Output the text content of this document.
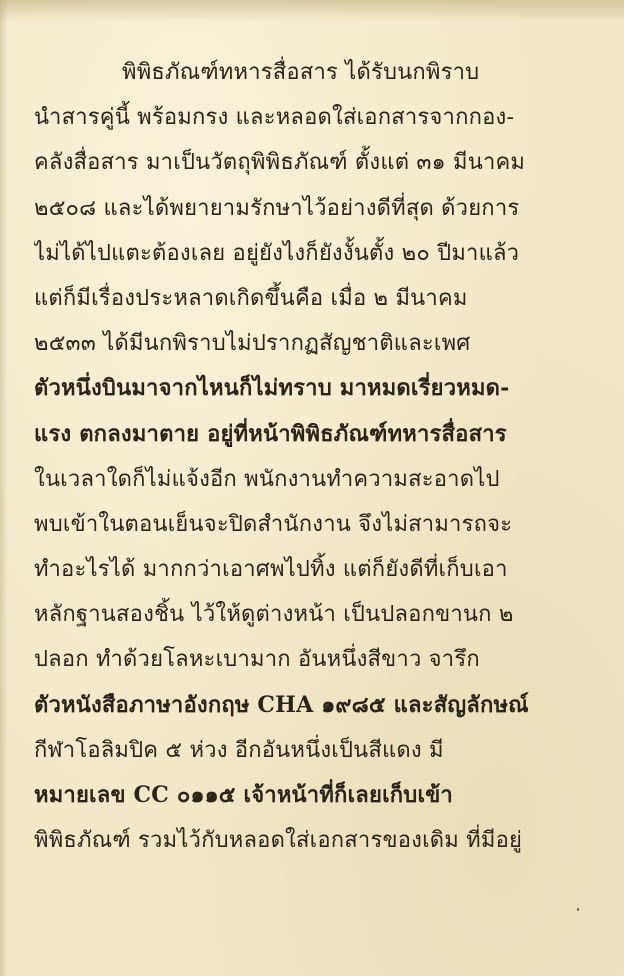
พิพิธภัณฑ์ทหารสื่อสาร ได้รับนกพิราบ
นำสารคู่นี้ พร้อมกรง และหลอดใส่เอกสารจากกอง-
คลังสื่อสาร มาเป็นวัตถุพิพิธภัณฑ์ ตั้งแต่ ๓๑ มีนาคม
๒๕๐๘ และได้พยายามรักษาไว้อย่างดีที่สุด ด้วยการ
ไม่ได้ไปแตะต้องเลย อยู่ยังไงก็ยังงั้นตั้ง ๒๐ ปีมาแล้ว
แต่ก็มีเรื่องประหลาดเกิดขึ้นคือ เมื่อ ๒ มีนาคม
๒๕๓๓ ได้มีนกพิราบไม่ปรากฏสัญชาติและเพศ
ตัวหนึ่งบินมาจากไหนก็ไม่ทราบ มาหมดเรี่ยวหมด-
แรง ตกลงมาตาย อยู่ที่หน้าพิพิธภัณฑ์ทหารสื่อสาร
ในเวลาใดก็ไม่แจ้งอีก พนักงานทำความสะอาดไป
พบเข้าในตอนเย็นจะปิดสำนักงาน จึงไม่สามารถจะ
ทำอะไรได้ มากกว่าเอาศพไปทิ้ง แต่ก็ยังดีที่เก็บเอา
หลักฐานสองชิ้น ไว้ให้ดูต่างหน้า เป็นปลอกขานก ๒
ปลอก ทำด้วยโลหะเบามาก อันหนึ่งสีขาว จารึก
ตัวหนังสือภาษาอังกฤษ CHA ๑๙๘๕ และสัญลักษณ์
กีฬาโอลิมปิค ๕ ห่วง อีกอันหนึ่งเป็นสีแดง มี
หมายเลข CC ๐๑๑๕ เจ้าหน้าที่ก็เลยเก็บเข้า
พิพิธภัณฑ์ รวมไว้กับหลอดใส่เอกสารของเดิม ที่มีอยู่
